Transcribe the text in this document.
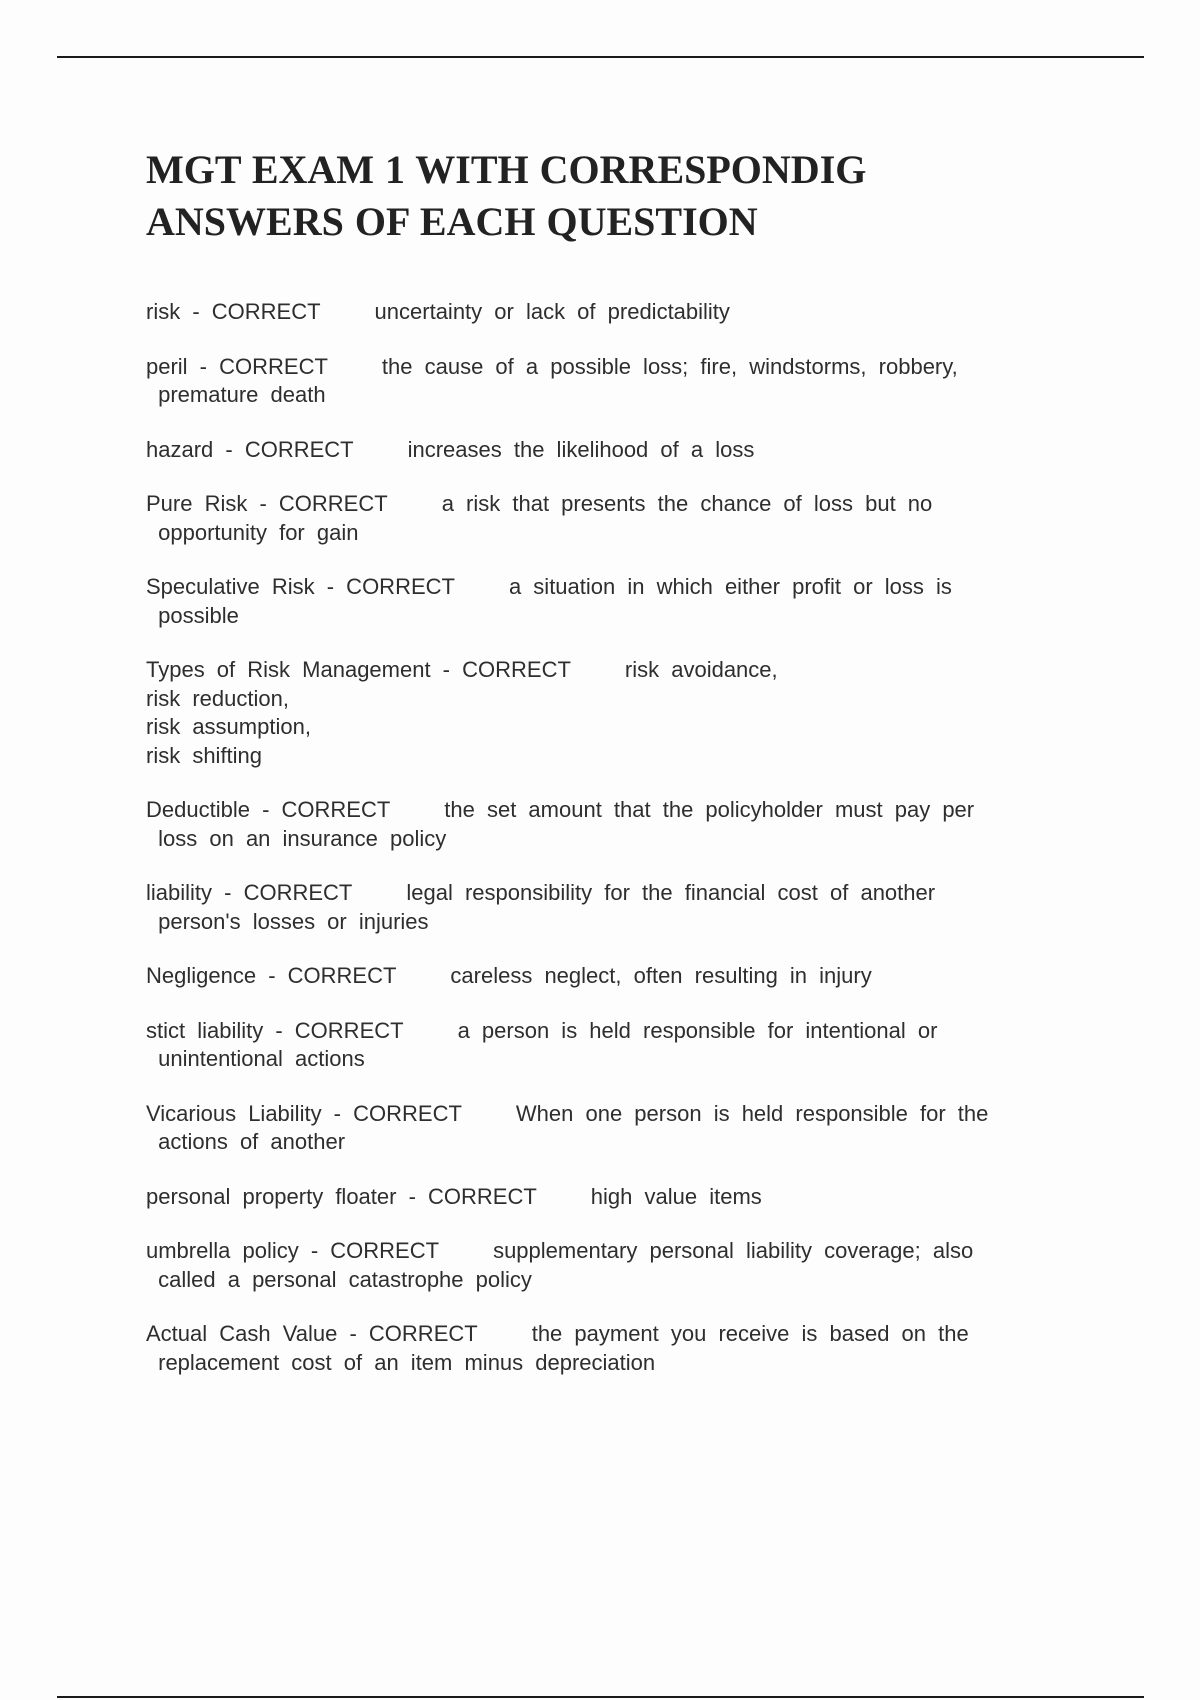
MGT EXAM 1 WITH CORRESPONDIG
ANSWERS OF EACH QUESTION
risk - CORRECT uncertainty or lack of predictability
peril - CORRECT the cause of a possible loss; fire, windstorms, robbery,
premature death
hazard - CORRECT increases the likelihood of a loss
Pure Risk - CORRECT a risk that presents the chance of loss but no
opportunity for gain
Speculative Risk - CORRECT a situation in which either profit or loss is
possible
Types of Risk Management - CORRECT risk avoidance,
risk reduction,
risk assumption,
risk shifting
Deductible - CORRECT the set amount that the policyholder must pay per
loss on an insurance policy
liability - CORRECT legal responsibility for the financial cost of another
person's losses or injuries
Negligence - CORRECT careless neglect, often resulting in injury
stict liability - CORRECT a person is held responsible for intentional or
unintentional actions
Vicarious Liability - CORRECT When one person is held responsible for the
actions of another
personal property floater - CORRECT high value items
umbrella policy - CORRECT supplementary personal liability coverage; also
called a personal catastrophe policy
Actual Cash Value - CORRECT the payment you receive is based on the
replacement cost of an item minus depreciation
